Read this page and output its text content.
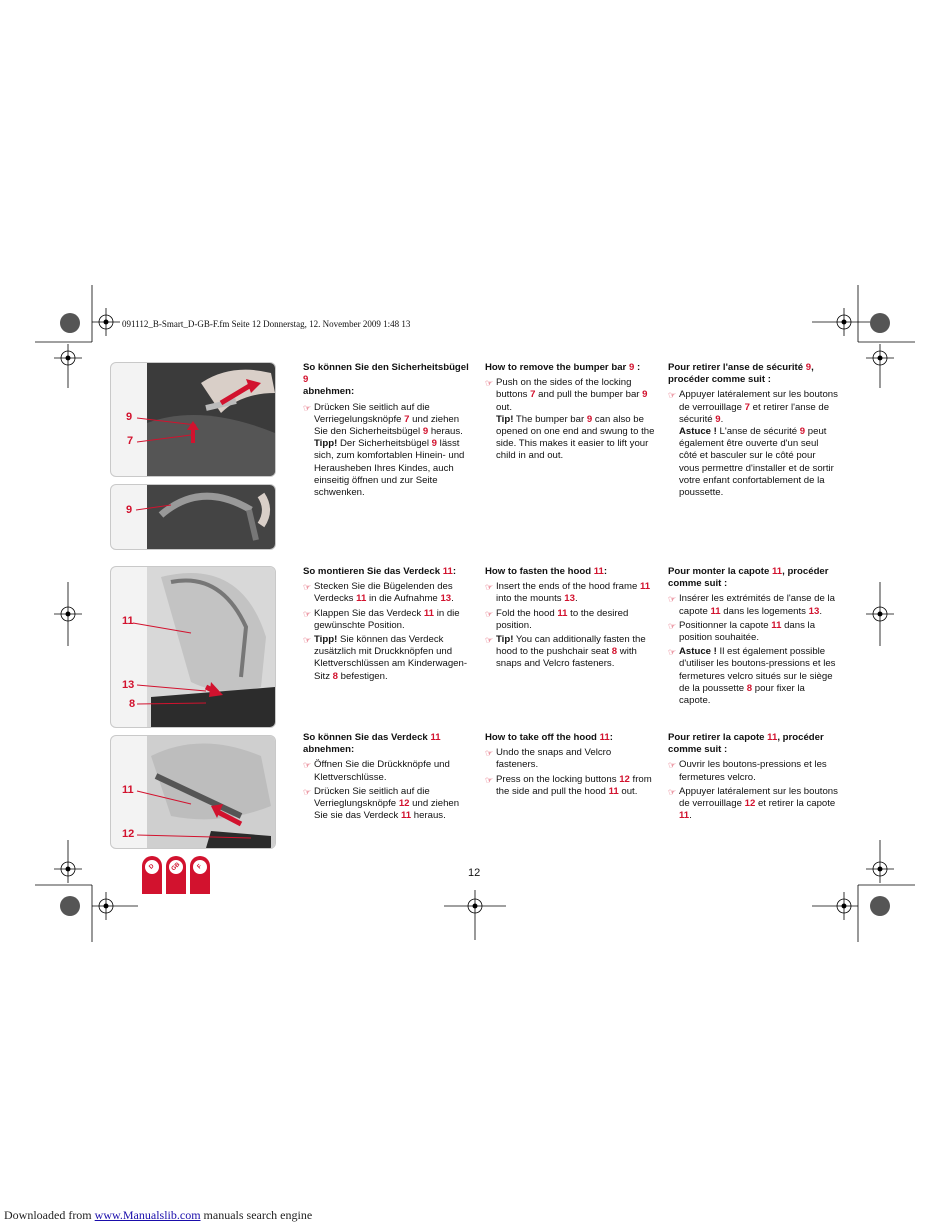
091112_B-Smart_D-GB-F.fm Seite 12 Donnerstag, 12. November 2009 1:48 13
9
7
9
11
13
8
11
12
D	GB	F
So können Sie den Sicherheitsbügel 9
abnehmen:
☞ Drücken Sie seitlich auf die Verriegelungsknöpfe 7 und ziehen Sie den Sicherheitsbügel 9 heraus.
Tipp! Der Sicherheitsbügel 9 lässt sich, zum komfortablen Hinein- und Herausheben Ihres Kindes, auch einseitig öffnen und zur Seite schwenken.
How to remove the bumper bar 9 :
☞ Push on the sides of the locking buttons 7 and pull the bumper bar 9 out.
Tip! The bumper bar 9 can also be opened on one end and swung to the side. This makes it easier to lift your child in and out.
Pour retirer l'anse de sécurité 9, procéder comme suit :
☞ Appuyer latéralement sur les boutons de verrouillage 7 et retirer l'anse de sécurité 9.
Astuce ! L'anse de sécurité 9 peut également être ouverte d'un seul côté et basculer sur le côté pour vous permettre d'installer et de sortir votre enfant confortablement de la poussette.
So montieren Sie das Verdeck 11:
☞ Stecken Sie die Bügelenden des Verdecks 11 in die Aufnahme 13.
☞ Klappen Sie das Verdeck 11 in die gewünschte Position.
☞ Tipp! Sie können das Verdeck zusätzlich mit Druckknöpfen und Klettverschlüssen am Kinderwagen-Sitz 8 befestigen.
How to fasten the hood 11:
☞ Insert the ends of the hood frame 11 into the mounts 13.
☞ Fold the hood 11 to the desired position.
☞ Tip! You can additionally fasten the hood to the pushchair seat 8 with snaps and Velcro fasteners.
Pour monter la capote 11, procéder comme suit :
☞ Insérer les extrémités de l'anse de la capote 11 dans les logements 13.
☞ Positionner la capote 11 dans la position souhaitée.
☞ Astuce ! Il est également possible d'utiliser les boutons-pressions et les fermetures velcro situés sur le siège de la poussette 8 pour fixer la capote.
So können Sie das Verdeck 11
abnehmen:
☞ Öffnen Sie die Drückknöpfe und Klettverschlüsse.
☞ Drücken Sie seitlich auf die Verrieglungsknöpfe 12 und ziehen Sie sie das Verdeck 11 heraus.
How to take off the hood 11:
☞ Undo the snaps and Velcro fasteners.
☞ Press on the locking buttons 12 from the side and pull the hood 11 out.
Pour retirer la capote 11, procéder comme suit :
☞ Ouvrir les boutons-pressions et les fermetures velcro.
☞ Appuyer latéralement sur les boutons de verrouillage 12 et retirer la capote 11.
12
Downloaded from www.Manualslib.com manuals search engine
